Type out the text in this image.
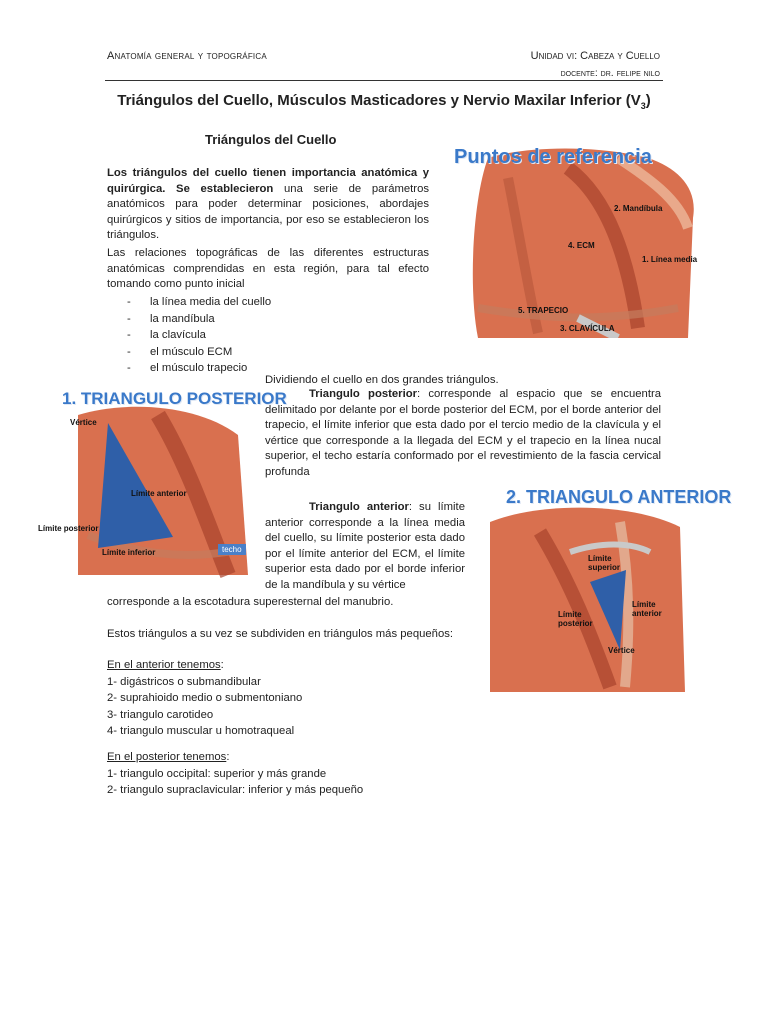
Anatomía general y topográfica	Unidad vi: Cabeza y Cuello
docente: dr. felipe nilo
Triángulos del Cuello, Músculos Masticadores y Nervio Maxilar Inferior $(V_3)$
Triángulos del Cuello
Los triángulos del cuello tienen importancia anatómica y quirúrgica. Se establecieron una serie de parámetros anatómicos para poder determinar posiciones, abordajes quirúrgicos y sitios de importancia, por eso se establecieron los triángulos.
Las relaciones topográficas de las diferentes estructuras anatómicas comprendidas en esta región, para tal efecto tomando como punto inicial
-	la línea media del cuello
-	la mandíbula
-	la clavícula
-	el músculo ECM
-	el músculo trapecio
Dividiendo el cuello en dos grandes triángulos.
Triangulo posterior: corresponde al espacio que se encuentra delimitado por delante por el borde posterior del ECM, por el borde anterior del trapecio, el límite inferior que esta dado por el tercio medio de la clavícula y el vértice que corresponde a la llegada del ECM y el trapecio en la línea nucal superior, el techo estaría conformado por el revestimiento de la fascia cervical profunda
Triangulo anterior: su límite anterior corresponde a la línea media del cuello, su límite posterior esta dado por el límite anterior del ECM, el límite superior esta dado por el borde inferior de la mandíbula y su vértice
corresponde a la escotadura superesternal del manubrio.
Estos triángulos a su vez se subdividen en triángulos más pequeños:
En el anterior tenemos:
1- digástricos o submandibular
2- suprahioido medio o submentoniano
3- triangulo carotideo
4- triangulo muscular u homotraqueal
En el posterior tenemos:
1- triangulo occipital: superior y más grande
2- triangulo supraclavicular: inferior y más pequeño
Puntos de referencia
2. Mandíbula
4. ECM
1. Línea media
5. TRAPECIO
3. CLAVÍCULA
1. TRIANGULO POSTERIOR
Vértice
Límite anterior
Límite posterior
Límite inferior	techo
2. TRIANGULO ANTERIOR
Límite superior
Límite anterior
Límite posterior
Vértice
